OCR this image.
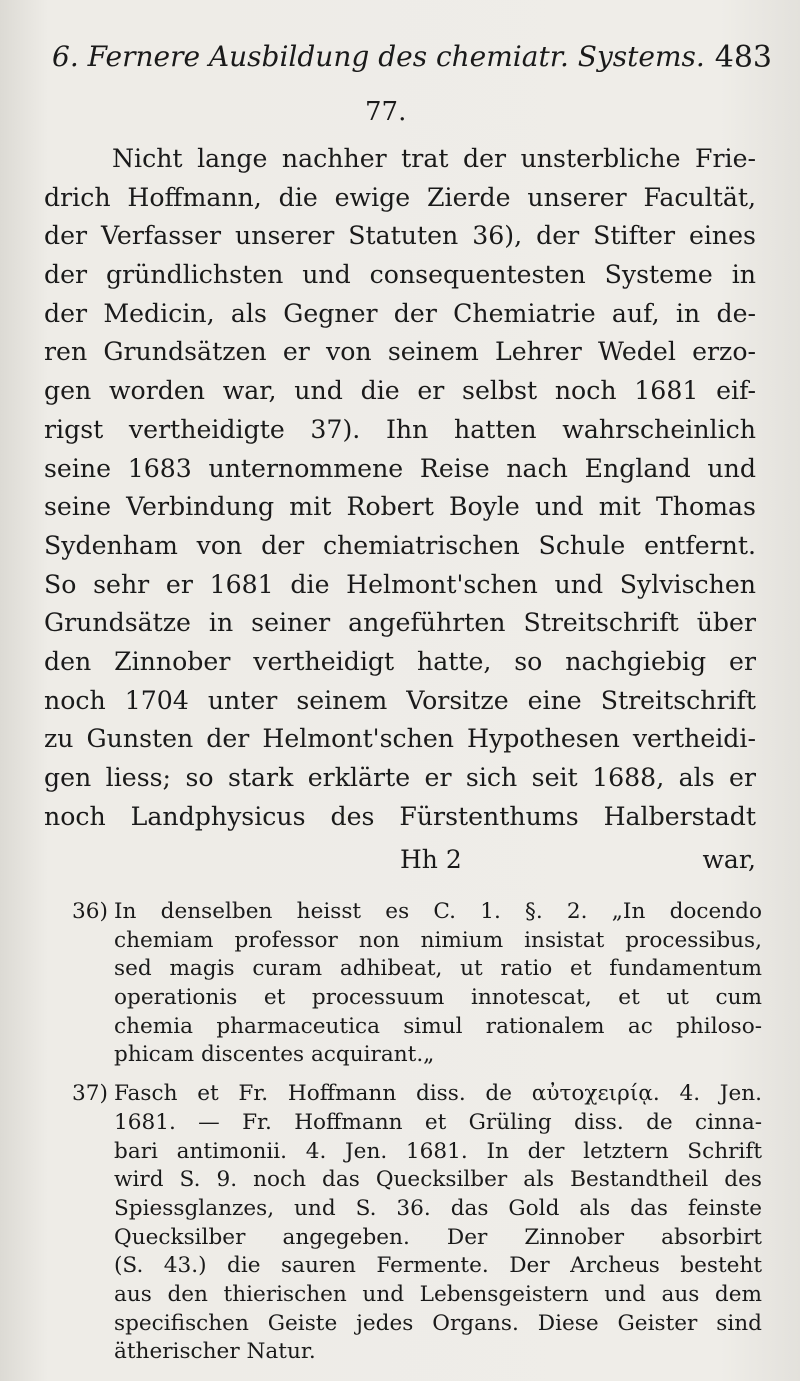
6. Fernere Ausbildung des chemiatr. Systems. 483
77.
Nicht lange nachher trat der unsterbliche Frie-
drich Hoffmann, die ewige Zierde unserer Facultät,
der Verfasser unserer Statuten 36), der Stifter eines
der gründlichsten und consequentesten Systeme in
der Medicin, als Gegner der Chemiatrie auf, in de-
ren Grundsätzen er von seinem Lehrer Wedel erzo-
gen worden war, und die er selbst noch 1681 eif-
rigst vertheidigte 37). Ihn hatten wahrscheinlich
seine 1683 unternommene Reise nach England und
seine Verbindung mit Robert Boyle und mit Thomas
Sydenham von der chemiatrischen Schule entfernt.
So sehr er 1681 die Helmont'schen und Sylvischen
Grundsätze in seiner angeführten Streitschrift über
den Zinnober vertheidigt hatte, so nachgiebig er
noch 1704 unter seinem Vorsitze eine Streitschrift
zu Gunsten der Helmont'schen Hypothesen vertheidi-
gen liess; so stark erklärte er sich seit 1688, als er
noch Landphysicus des Fürstenthums Halberstadt
Hh 2	war,
36) In denselben heisst es C. 1. §. 2. „In docendo
chemiam professor non nimium insistat processibus,
sed magis curam adhibeat, ut ratio et fundamentum
operationis et processuum innotescat, et ut cum
chemia pharmaceutica simul rationalem ac philoso-
phicam discentes acquirant.„
37) Fasch et Fr. Hoffmann diss. de αὐτοχειρίᾳ. 4. Jen.
1681. — Fr. Hoffmann et Grüling diss. de cinna-
bari antimonii. 4. Jen. 1681. In der letztern Schrift
wird S. 9. noch das Quecksilber als Bestandtheil des
Spiessglanzes, und S. 36. das Gold als das feinste
Quecksilber angegeben. Der Zinnober absorbirt
(S. 43.) die sauren Fermente. Der Archeus besteht
aus den thierischen und Lebensgeistern und aus dem
specifischen Geiste jedes Organs. Diese Geister sind
ätherischer Natur.
